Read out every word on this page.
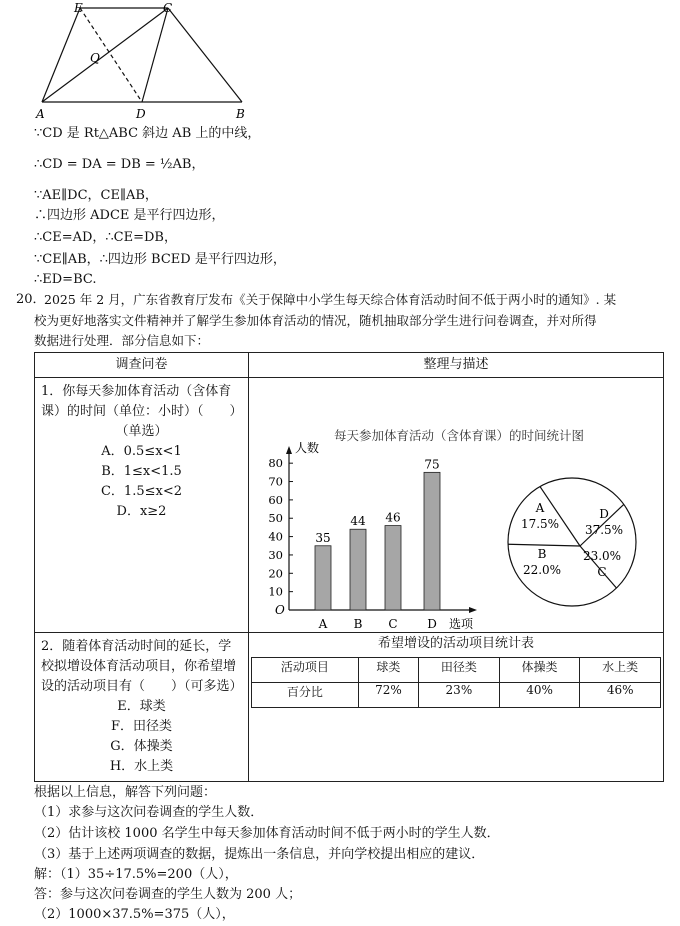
E	C
Q
A	D	B
∵CD 是 Rt△ABC 斜边 AB 上的中线，
∴CD = DA = DB = ½AB，
∵AE∥DC，CE∥AB，
∴四边形 ADCE 是平行四边形，
∴CE=AD，∴CE=DB，
∵CE∥AB，∴四边形 BCED 是平行四边形，
∴ED=BC.
20．
2025 年 2 月，广东省教育厅发布《关于保障中小学生每天综合体育活动时间不低于两小时的通知》. 某
校为更好地落实文件精神并了解学生参加体育活动的情况，随机抽取部分学生进行问卷调查，并对所得
数据进行处理．部分信息如下：
调查问卷	整理与描述

1．你每天参加体育活动（含体育课）的时间（单位：小时）（　　）
（单选）
A．0.5≤x<1
B．1≤x<1.5
C．1.5≤x<2
D．x≥2

每天参加体育活动（含体育课）的时间统计图
人数
选项
O
10
20
30
40
50
60
70
80
35
A
44
B
46
C
75
D
A
17.5%
B
22.0%	C
23.0%
D
37.5%

2．随着体育活动时间的延长，学校拟增设体育活动项目，你希望增设的活动项目有（　　）（可多选）
E．球类
F．田径类
G．体操类
H．水上类

希望增设的活动项目统计表
活动项目	球类	田径类	体操类	水上类
百分比	72%	23%	40%	46%
根据以上信息，解答下列问题：
（1）求参与这次问卷调查的学生人数．
（2）估计该校 1000 名学生中每天参加体育活动时间不低于两小时的学生人数．
（3）基于上述两项调查的数据，提炼出一条信息，并向学校提出相应的建议．
解：（1）35÷17.5%=200（人），
答：参与这次问卷调查的学生人数为 200 人；
（2）1000×37.5%=375（人），
